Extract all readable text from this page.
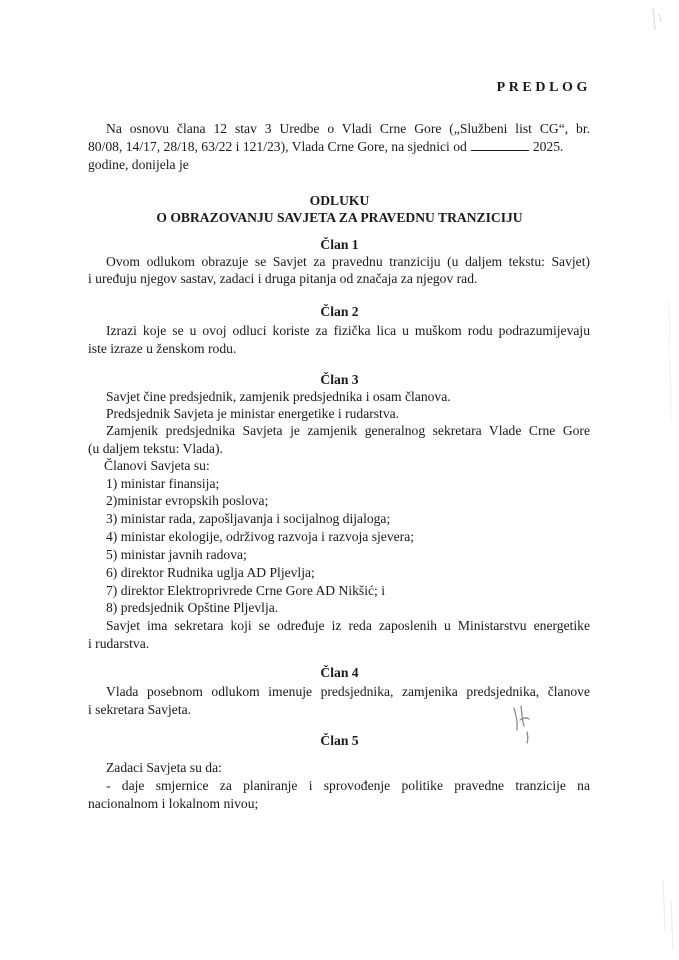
PREDLOG
Na osnovu člana 12 stav 3 Uredbe o Vladi Crne Gore („Službeni list CG“, br.
80/08, 14/17, 28/18, 63/22 i 121/23), Vlada Crne Gore, na sjednici od	2025.
godine, donijela je
ODLUKU
O OBRAZOVANJU SAVJETA ZA PRAVEDNU TRANZICIJU
Član 1
Ovom odlukom obrazuje se Savjet za pravednu tranziciju (u daljem tekstu: Savjet)
i uređuju njegov sastav, zadaci i druga pitanja od značaja za njegov rad.
Član 2
Izrazi koje se u ovoj odluci koriste za fizička lica u muškom rodu podrazumijevaju
iste izraze u ženskom rodu.
Član 3
Savjet čine predsjednik, zamjenik predsjednika i osam članova.
Predsjednik Savjeta je ministar energetike i rudarstva.
Zamjenik predsjednika Savjeta je zamjenik generalnog sekretara Vlade Crne Gore
(u daljem tekstu: Vlada).
Članovi Savjeta su:
1) ministar finansija;
2)ministar evropskih poslova;
3) ministar rada, zapošljavanja i socijalnog dijaloga;
4) ministar ekologije, održivog razvoja i razvoja sjevera;
5) ministar javnih radova;
6) direktor Rudnika uglja AD Pljevlja;
7) direktor Elektroprivrede Crne Gore AD Nikšić; i
8) predsjednik Opštine Pljevlja.
Savjet ima sekretara koji se određuje iz reda zaposlenih u Ministarstvu energetike
i rudarstva.
Član 4
Vlada posebnom odlukom imenuje predsjednika, zamjenika predsjednika, članove
i sekretara Savjeta.
Član 5
Zadaci Savjeta su da:
- daje smjernice za planiranje i sprovođenje politike pravedne tranzicije na
nacionalnom i lokalnom nivou;
